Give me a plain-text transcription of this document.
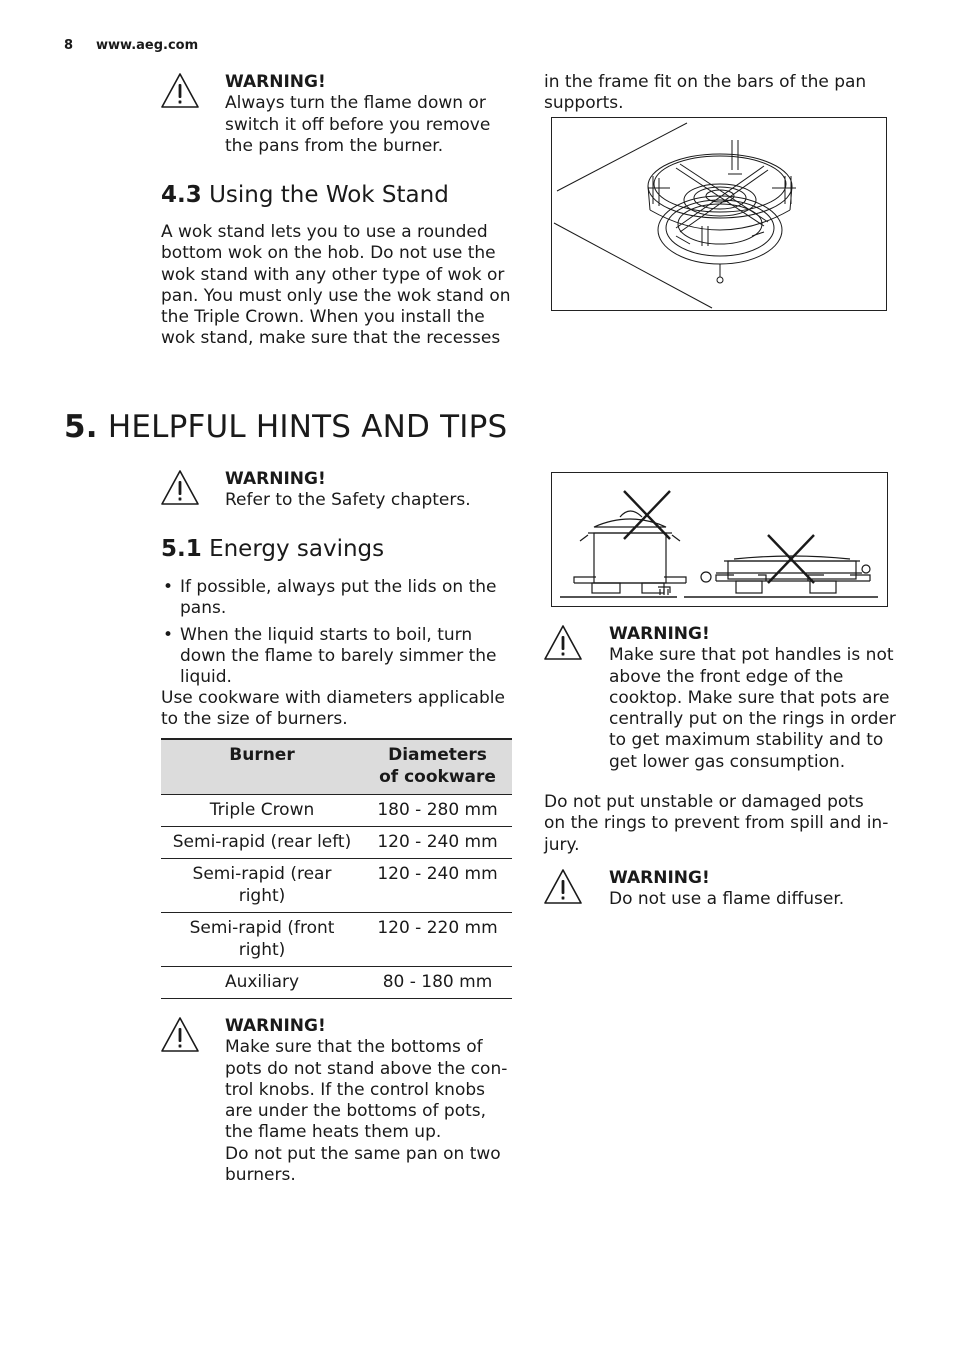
8 www.aeg.com
WARNING!

Always turn the flame down or

switch it off before you remove

the pans from the burner.

4.3 Using the Wok Stand

A wok stand lets you to use a rounded

bottom wok on the hob. Do not use the

wok stand with any other type of wok or

pan. You must only use the wok stand on

the Triple Crown. When you install the

wok stand, make sure that the recesses

in the frame fit on the bars of the pan

supports.

5. HELPFUL HINTS AND TIPS
WARNING!

Refer to the Safety chapters.

5.1 Energy savings
• If possible, always put the lids on the
pans.
• When the liquid starts to boil, turn
down the flame to barely simmer the
liquid.

Use cookware with diameters applicable

to the size of burners.

Burner	Diameters
of cookware
Triple Crown	180 - 280 mm
Semi-rapid (rear left)	120 - 240 mm
Semi-rapid (rear
right)	120 - 240 mm
Semi-rapid (front
right)	120 - 220 mm
Auxiliary	80 - 180 mm
WARNING!

Make sure that the bottoms of

pots do not stand above the con-

trol knobs. If the control knobs

are under the bottoms of pots,

the flame heats them up.

Do not put the same pan on two

burners.

WARNING!

Make sure that pot handles is not

above the front edge of the

cooktop. Make sure that pots are

centrally put on the rings in order

to get maximum stability and to

get lower gas consumption.

Do not put unstable or damaged pots

on the rings to prevent from spill and in-

jury.

WARNING!

Do not use a flame diffuser.
